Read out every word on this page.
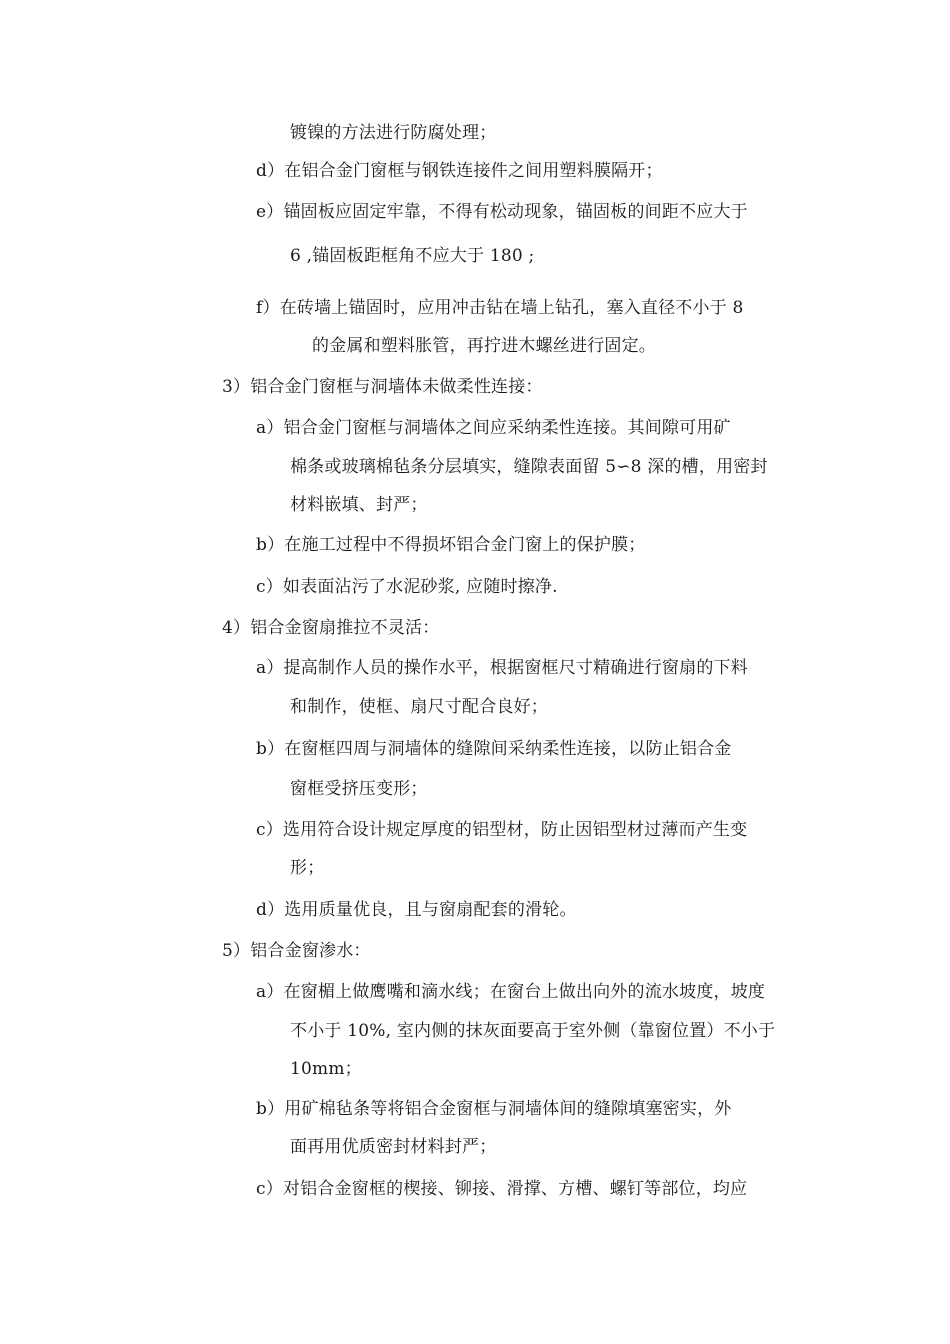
镀镍的方法进行防腐处理；
d）在铝合金门窗框与钢铁连接件之间用塑料膜隔开；
e）锚固板应固定牢靠，不得有松动现象，锚固板的间距不应大于
6 ,锚固板距框角不应大于 180 ;
f）在砖墙上锚固时，应用冲击钻在墙上钻孔，塞入直径不小于 8
的金属和塑料胀管，再拧进木螺丝进行固定。
3）铝合金门窗框与洞墙体未做柔性连接：
a）铝合金门窗框与洞墙体之间应采纳柔性连接。其间隙可用矿
棉条或玻璃棉毡条分层填实，缝隙表面留 5∽8 深的槽，用密封
材料嵌填、封严；
b）在施工过程中不得损坏铝合金门窗上的保护膜；
c）如表面沾污了水泥砂浆, 应随时擦净.
4）铝合金窗扇推拉不灵活：
a）提高制作人员的操作水平，根据窗框尺寸精确进行窗扇的下料
和制作，使框、扇尺寸配合良好；
b）在窗框四周与洞墙体的缝隙间采纳柔性连接，以防止铝合金
窗框受挤压变形；
c）选用符合设计规定厚度的铝型材，防止因铝型材过薄而产生变
形；
d）选用质量优良，且与窗扇配套的滑轮。
5）铝合金窗渗水：
a）在窗楣上做鹰嘴和滴水线；在窗台上做出向外的流水坡度，坡度
不小于 10%, 室内侧的抹灰面要高于室外侧（靠窗位置）不小于
10mm；
b）用矿棉毡条等将铝合金窗框与洞墙体间的缝隙填塞密实，外
面再用优质密封材料封严；
c）对铝合金窗框的楔接、铆接、滑撑、方槽、螺钉等部位，均应
